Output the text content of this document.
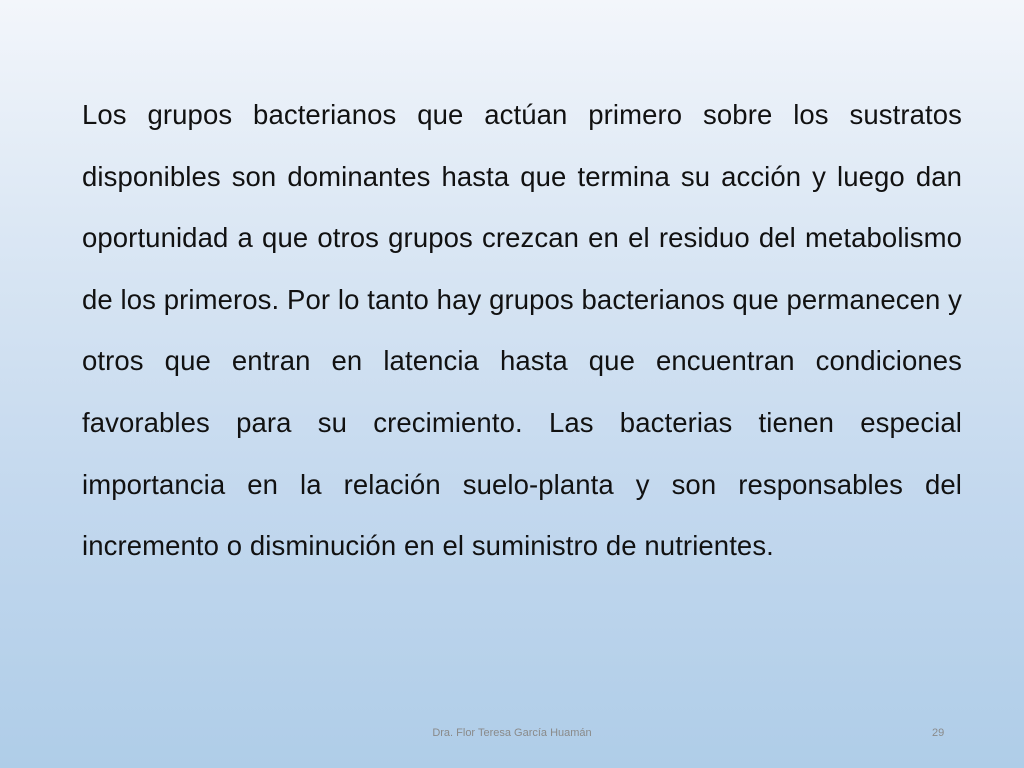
Los grupos bacterianos que actúan primero sobre los sustratos disponibles son dominantes hasta que termina su acción y luego dan oportunidad a que otros grupos crezcan en el residuo del metabolismo de los primeros. Por lo tanto hay grupos bacterianos que permanecen y otros que entran en latencia hasta que encuentran condiciones favorables para su crecimiento. Las bacterias tienen especial importancia en la relación suelo-planta y son responsables del incremento o disminución en el suministro de nutrientes.

Dra. Flor Teresa García Huamán	29
